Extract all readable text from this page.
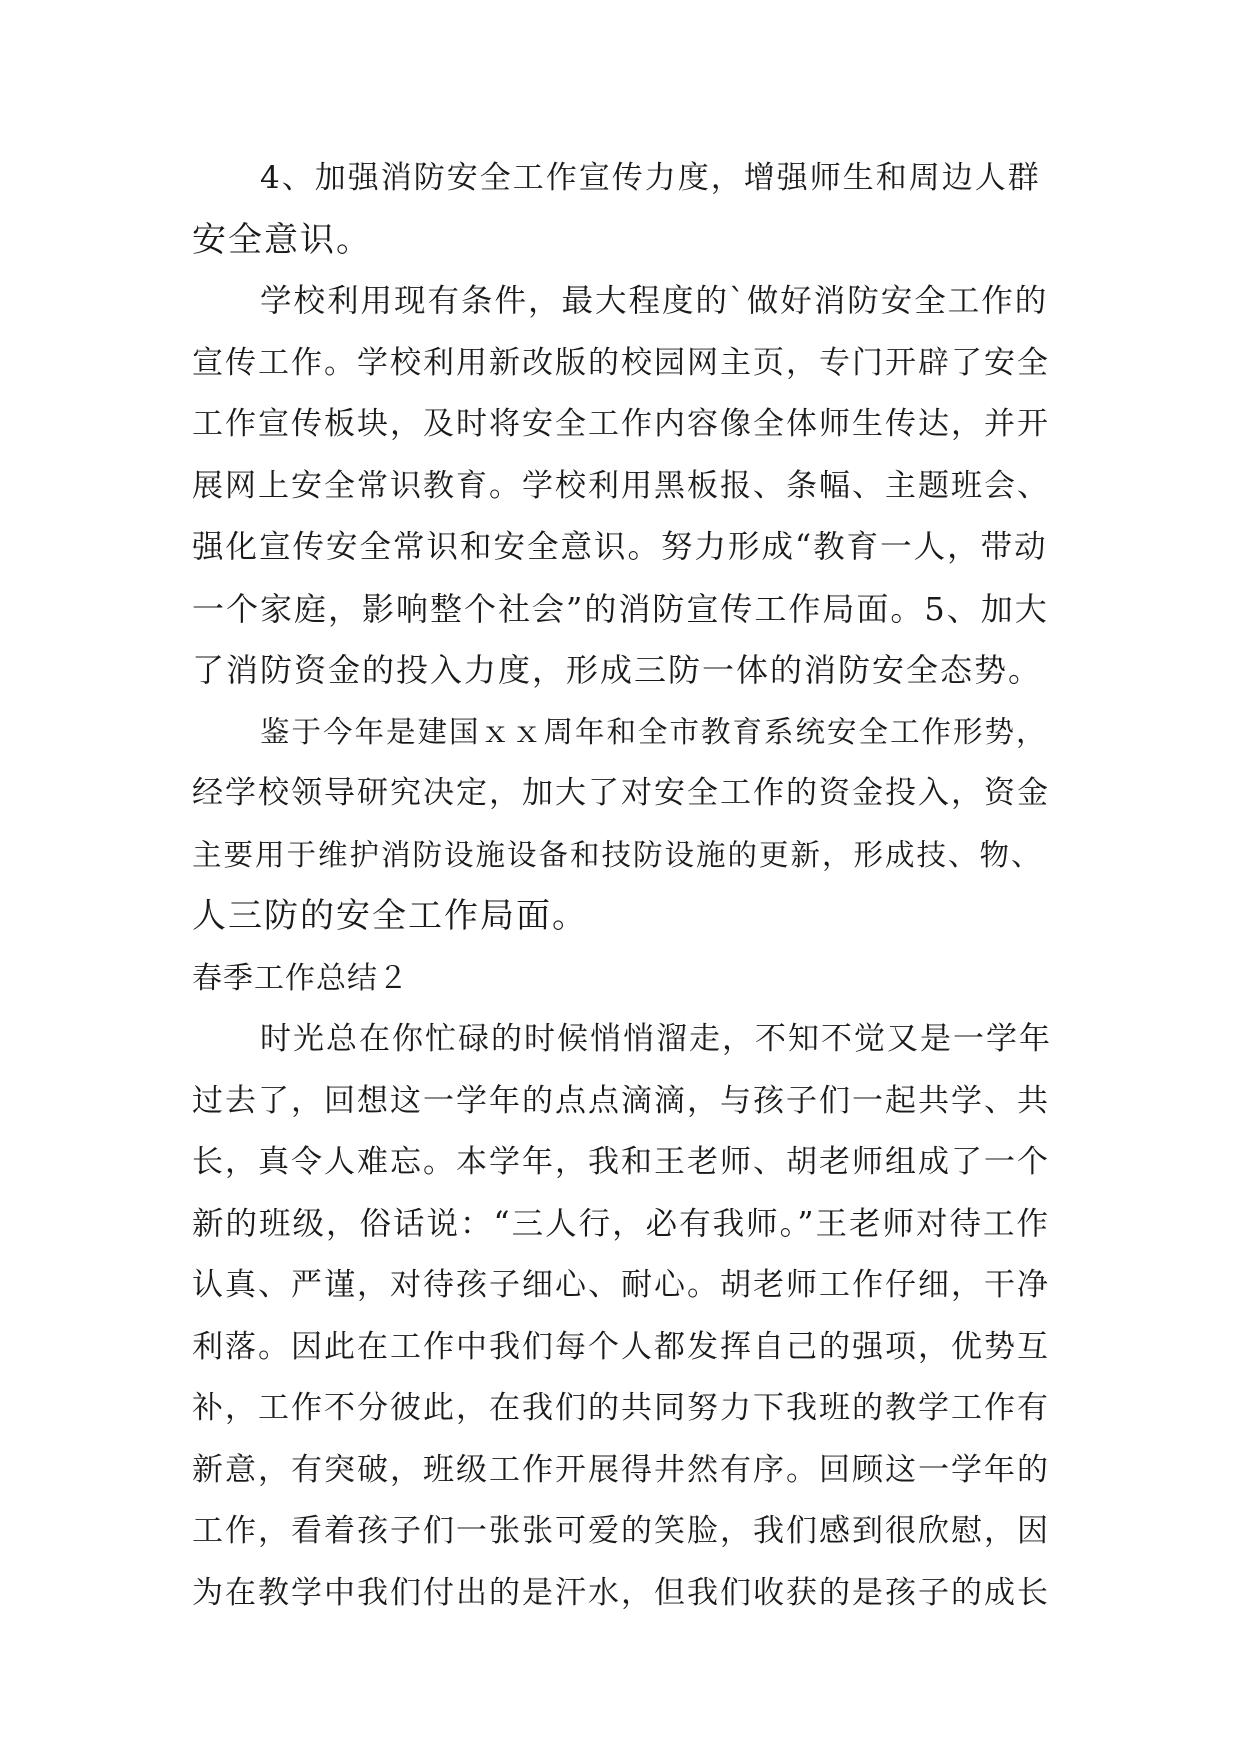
4、加强消防安全工作宣传力度，增强师生和周边人群
安全意识。
学校利用现有条件，最大程度的`做好消防安全工作的
宣传工作。学校利用新改版的校园网主页，专门开辟了安全
工作宣传板块，及时将安全工作内容像全体师生传达，并开
展网上安全常识教育。学校利用黑板报、条幅、主题班会、
强化宣传安全常识和安全意识。努力形成“教育一人，带动
一个家庭，影响整个社会”的消防宣传工作局面。5、加大
了消防资金的投入力度，形成三防一体的消防安全态势。
鉴于今年是建国ｘｘ周年和全市教育系统安全工作形势，
经学校领导研究决定，加大了对安全工作的资金投入，资金
主要用于维护消防设施设备和技防设施的更新，形成技、物、
人三防的安全工作局面。
春季工作总结２
时光总在你忙碌的时候悄悄溜走，不知不觉又是一学年
过去了，回想这一学年的点点滴滴，与孩子们一起共学、共
长，真令人难忘。本学年，我和王老师、胡老师组成了一个
新的班级，俗话说：“三人行，必有我师。”王老师对待工作
认真、严谨，对待孩子细心、耐心。胡老师工作仔细，干净
利落。因此在工作中我们每个人都发挥自己的强项，优势互
补，工作不分彼此，在我们的共同努力下我班的教学工作有
新意，有突破，班级工作开展得井然有序。回顾这一学年的
工作，看着孩子们一张张可爱的笑脸，我们感到很欣慰，因
为在教学中我们付出的是汗水，但我们收获的是孩子的成长
